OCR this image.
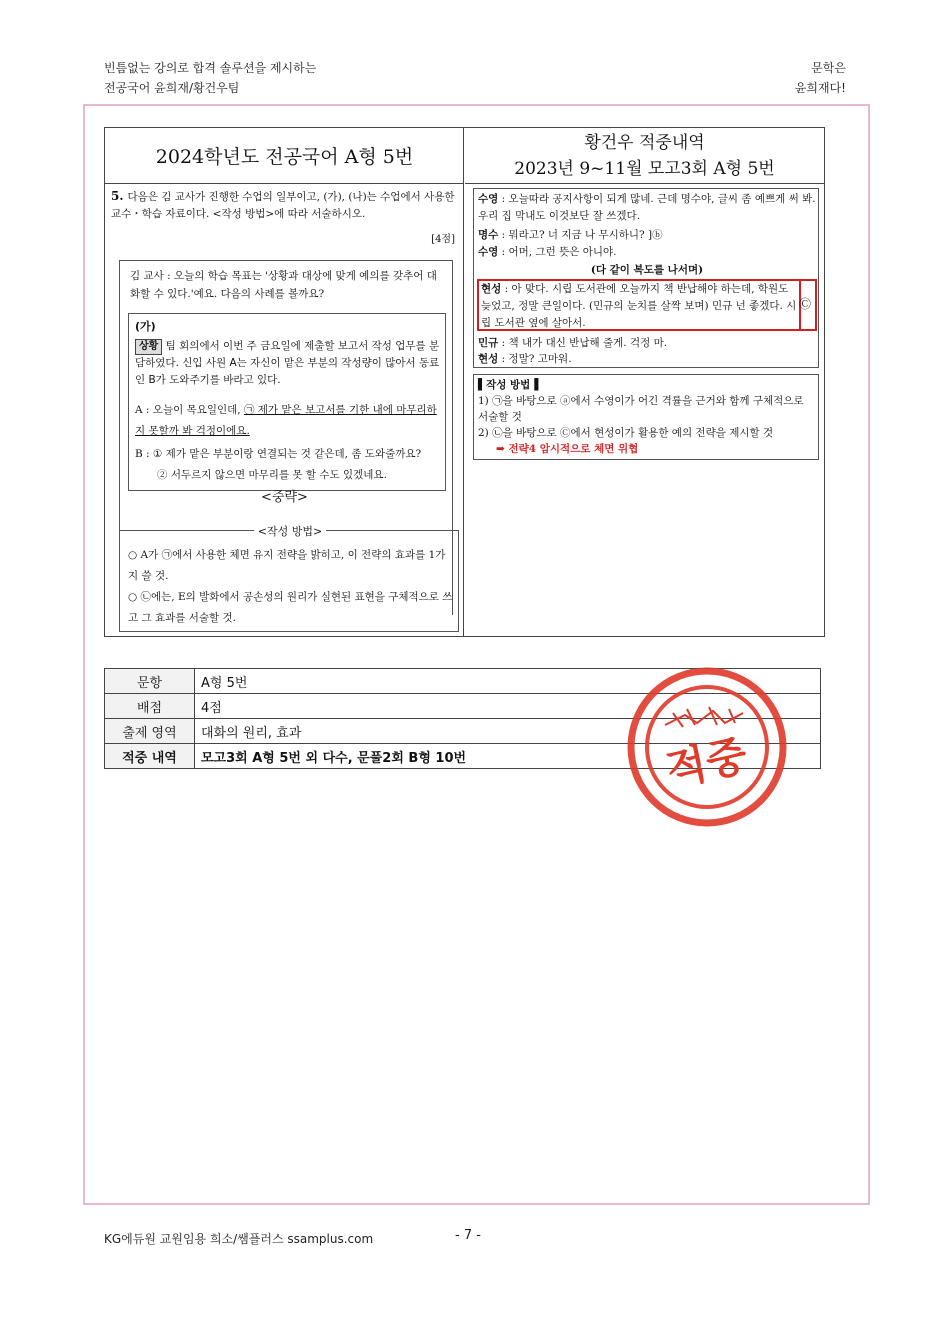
빈틈없는 강의로 합격 솔루션을 제시하는
전공국어 윤희재/황건우팀
문학은
윤희재다!
2024학년도 전공국어 A형 5번
5. 다음은 김 교사가 진행한 수업의 일부이고, (가), (나)는 수업에서 사용한 교수・학습 자료이다. <작성 방법>에 따라 서술하시오.
[4점]
김 교사 : 오늘의 학습 목표는 '상황과 대상에 맞게 예의를 갖추어 대화할 수 있다.'예요. 다음의 사례를 볼까요?
(가)
상황 팀 회의에서 이번 주 금요일에 제출할 보고서 작성 업무를 분담하였다. 신입 사원 A는 자신이 맡은 부분의 작성량이 많아서 동료인 B가 도와주기를 바라고 있다.
A : 오늘이 목요일인데, ㉠ 제가 맡은 보고서를 기한 내에 마무리하지 못할까 봐 걱정이에요.
B : ① 제가 맡은 부분이랑 연결되는 것 같은데, 좀 도와줄까요?
② 서두르지 않으면 마무리를 못 할 수도 있겠네요.
<중략>
<작성 방법>
○ A가 ㉠에서 사용한 체면 유지 전략을 밝히고, 이 전략의 효과를 1가지 쓸 것.
○ ㉡에는, E의 발화에서 공손성의 원리가 실현된 표현을 구체적으로 쓰고 그 효과를 서술할 것.
황건우 적중내역
2023년 9~11월 모고3회 A형 5번
수영 : 오늘따라 공지사항이 되게 많네. 근데 명수야, 글씨 좀 예쁘게 써 봐. 우리 집 막내도 이것보단 잘 쓰겠다.
명수 : 뭐라고? 너 지금 나 무시하니? ]ⓑ
수영 : 어머, 그런 뜻은 아니야.
(다 같이 복도를 나서며)
현성 : 아 맞다. 시립 도서관에 오늘까지 책 반납해야 하는데, 학원도 늦었고, 정말 큰일이다. (민규의 눈치를 살짝 보며) 민규 넌 좋겠다. 시립 도서관 옆에 살아서.
Ⓒ
민규 : 책 내가 대신 반납해 줄게. 걱정 마.
현성 : 정말? 고마워.
▌작성 방법▐
1) ㉠을 바탕으로 ⓐ에서 수영이가 어긴 격률을 근거와 함께 구체적으로 서술할 것
2) ㉡을 바탕으로 Ⓒ에서 현성이가 활용한 예의 전략을 제시할 것
➡ 전략4 암시적으로 체면 위협
문항	A형 5번
배점	4점
출제 영역	대화의 원리, 효과
적중 내역	모고3회 A형 5번 외 다수, 문풀2회 B형 10번	적중
KG에듀원 교원임용 희소/쌤플러스 ssamplus.com	- 7 -
